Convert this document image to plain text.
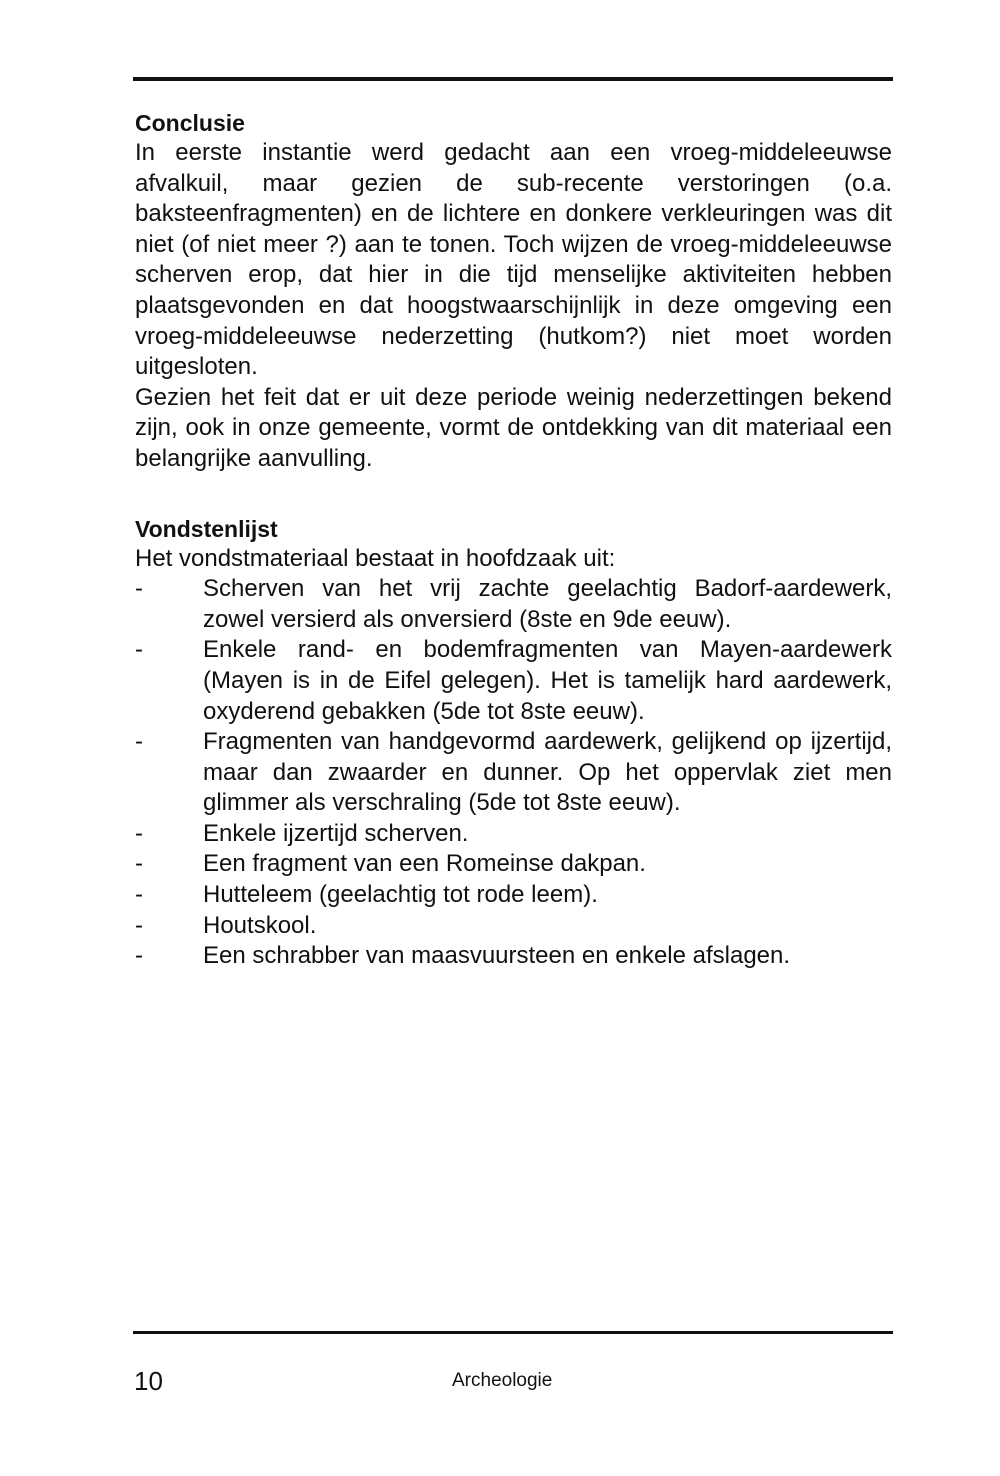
Conclusie

In eerste instantie werd gedacht aan een vroeg-middeleeuwse afvalkuil, maar gezien de sub-recente verstoringen (o.a. baksteenfragmenten) en de lichtere en donkere verkleuringen was dit niet (of niet meer ?) aan te tonen. Toch wijzen de vroeg-middeleeuwse scherven erop, dat hier in die tijd menselijke aktiviteiten hebben plaatsgevonden en dat hoogstwaarschijnlijk in deze omgeving een vroeg-middeleeuwse nederzetting (hutkom?) niet moet worden uitgesloten.

Gezien het feit dat er uit deze periode weinig nederzettingen bekend zijn, ook in onze gemeente, vormt de ontdekking van dit materiaal een belangrijke aanvulling.

Vondstenlijst

Het vondstmateriaal bestaat in hoofdzaak uit:

-	Scherven van het vrij zachte geelachtig Badorf-aardewerk, zowel versierd als onversierd (8ste en 9de eeuw).
-	Enkele rand- en bodemfragmenten van Mayen-aardewerk (Mayen is in de Eifel gelegen). Het is tamelijk hard aardewerk, oxyderend gebakken (5de tot 8ste eeuw).
-	Fragmenten van handgevormd aardewerk, gelijkend op ijzertijd, maar dan zwaarder en dunner. Op het oppervlak ziet men glimmer als verschraling (5de tot 8ste eeuw).
-	Enkele ijzertijd scherven.
-	Een fragment van een Romeinse dakpan.
-	Hutteleem (geelachtig tot rode leem).
-	Houtskool.
-	Een schrabber van maasvuursteen en enkele afslagen.
10	Archeologie
